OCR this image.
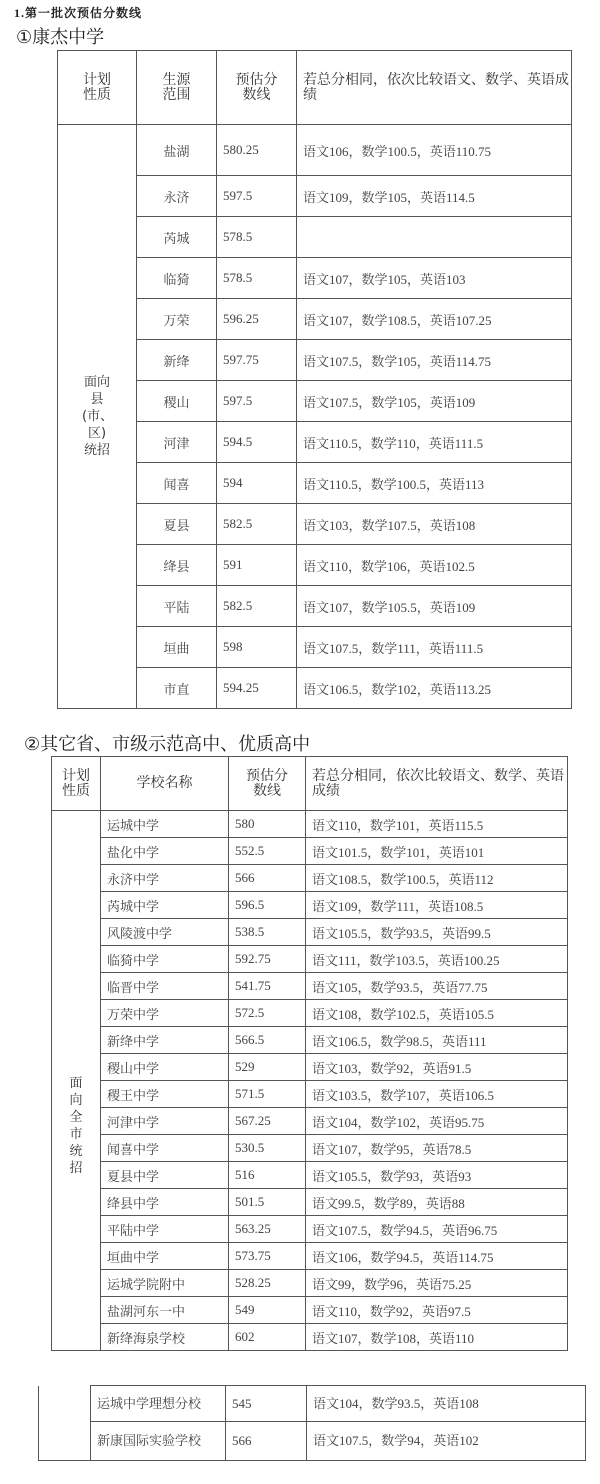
1.第一批次预估分数线
①康杰中学
计划性质	生源范围	预估分数线	若总分相同，依次比较语文、数学、英语成绩
面向县(市、区)统招	盐湖	580.25	语文106，数学100.5，英语110.75
	永济	597.5	语文109，数学105，英语114.5
	芮城	578.5	
	临猗	578.5	语文107，数学105，英语103
	万荣	596.25	语文107，数学108.5，英语107.25
	新绛	597.75	语文107.5，数学105，英语114.75
	稷山	597.5	语文107.5，数学105，英语109
	河津	594.5	语文110.5，数学110，英语111.5
	闻喜	594	语文110.5，数学100.5，英语113
	夏县	582.5	语文103，数学107.5，英语108
	绛县	591	语文110，数学106，英语102.5
	平陆	582.5	语文107，数学105.5，英语109
	垣曲	598	语文107.5，数学111，英语111.5
	市直	594.25	语文106.5，数学102，英语113.25
②其它省、市级示范高中、优质高中
计划性质	学校名称	预估分数线	若总分相同，依次比较语文、数学、英语成绩
面向全市统招	运城中学	580	语文110，数学101，英语115.5
	盐化中学	552.5	语文101.5，数学101，英语101
	永济中学	566	语文108.5，数学100.5，英语112
	芮城中学	596.5	语文109，数学111，英语108.5
	风陵渡中学	538.5	语文105.5，数学93.5，英语99.5
	临猗中学	592.75	语文111，数学103.5，英语100.25
	临晋中学	541.75	语文105，数学93.5，英语77.75
	万荣中学	572.5	语文108，数学102.5，英语105.5
	新绛中学	566.5	语文106.5，数学98.5，英语111
	稷山中学	529	语文103，数学92，英语91.5
	稷王中学	571.5	语文103.5，数学107，英语106.5
	河津中学	567.25	语文104，数学102，英语95.75
	闻喜中学	530.5	语文107，数学95，英语78.5
	夏县中学	516	语文105.5，数学93，英语93
	绛县中学	501.5	语文99.5，数学89，英语88
	平陆中学	563.25	语文107.5，数学94.5，英语96.75
	垣曲中学	573.75	语文106，数学94.5，英语114.75
	运城学院附中	528.25	语文99，数学96，英语75.25
	盐湖河东一中	549	语文110，数学92，英语97.5
	新绛海泉学校	602	语文107，数学108，英语110
	运城中学理想分校	545	语文104，数学93.5，英语108
	新康国际实验学校	566	语文107.5，数学94，英语102
